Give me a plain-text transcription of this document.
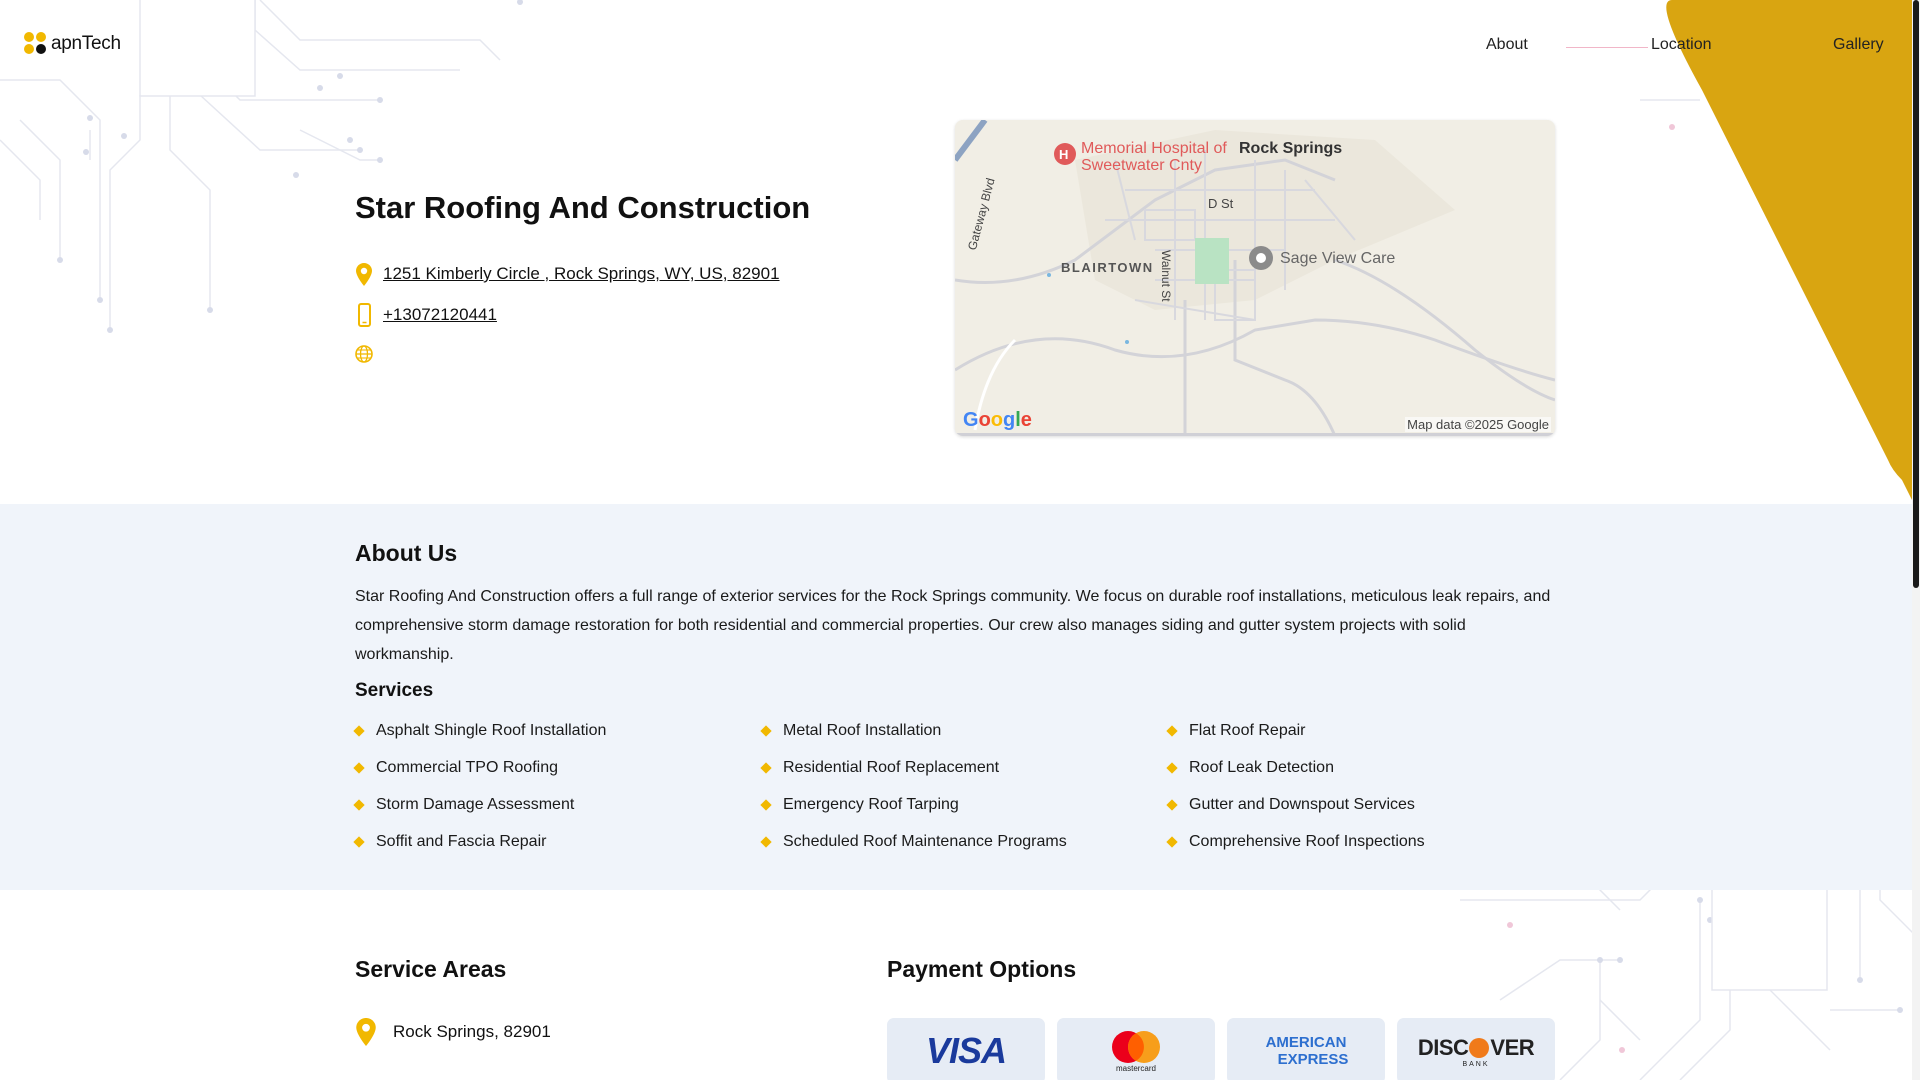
apnTech	About	Location	Gallery
Star Roofing And Construction
1251 Kimberly Circle , Rock Springs, WY, US, 82901
+13072120441
H Memorial Hospital of Sweetwater Cnty
Rock Springs
D St
BLAIRTOWN
Sage View Care
Walnut St
Gateway Blvd
Google	Map data ©2025 Google
About Us

Star Roofing And Construction offers a full range of exterior services for the Rock Springs community. We focus on durable roof installations, meticulous leak repairs, and comprehensive storm damage restoration for both residential and commercial properties. Our crew also manages siding and gutter system projects with solid workmanship.

Services
Asphalt Shingle Roof Installation	Metal Roof Installation	Flat Roof Repair
Commercial TPO Roofing	Residential Roof Replacement	Roof Leak Detection
Storm Damage Assessment	Emergency Roof Tarping	Gutter and Downspout Services
Soffit and Fascia Repair	Scheduled Roof Maintenance Programs	Comprehensive Roof Inspections
Service Areas
Rock Springs, 82901
Payment Options
VISA	mastercard
AMERICAN
EXPRESS	DISC VER
BANK
